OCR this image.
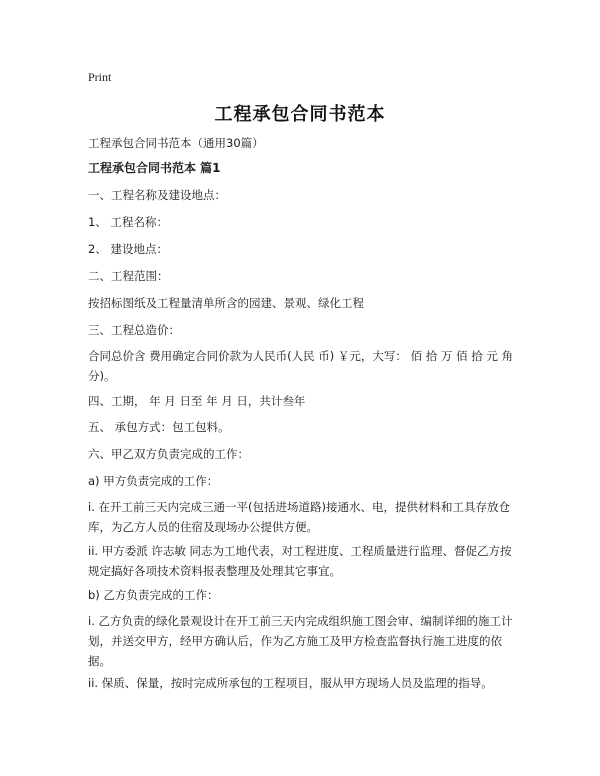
Print
工程承包合同书范本
工程承包合同书范本（通用30篇）
工程承包合同书范本 篇1
一、工程名称及建设地点：
1、 工程名称：
2、 建设地点：
二、工程范围：
按招标图纸及工程量清单所含的园建、景观、绿化工程
三、工程总造价：
合同总价含 费用确定合同价款为人民币(人民 币) ￥元，大写： 佰 拾 万 佰 拾 元 角 分)。
四、工期， 年 月 日至 年 月 日，共计叁年
五、 承包方式：包工包料。
六、甲乙双方负责完成的工作：
a) 甲方负责完成的工作：
i. 在开工前三天内完成三通一平(包括进场道路)接通水、电，提供材料和工具存放仓库，为乙方人员的住宿及现场办公提供方便。
ii. 甲方委派 许志敏 同志为工地代表，对工程进度、工程质量进行监理、督促乙方按规定搞好各项技术资料报表整理及处理其它事宜。
b) 乙方负责完成的工作：
i. 乙方负责的绿化景观设计在开工前三天内完成组织施工图会审、编制详细的施工计划，并送交甲方，经甲方确认后，作为乙方施工及甲方检查监督执行施工进度的依据。
ii. 保质、保量，按时完成所承包的工程项目，服从甲方现场人员及监理的指导。
